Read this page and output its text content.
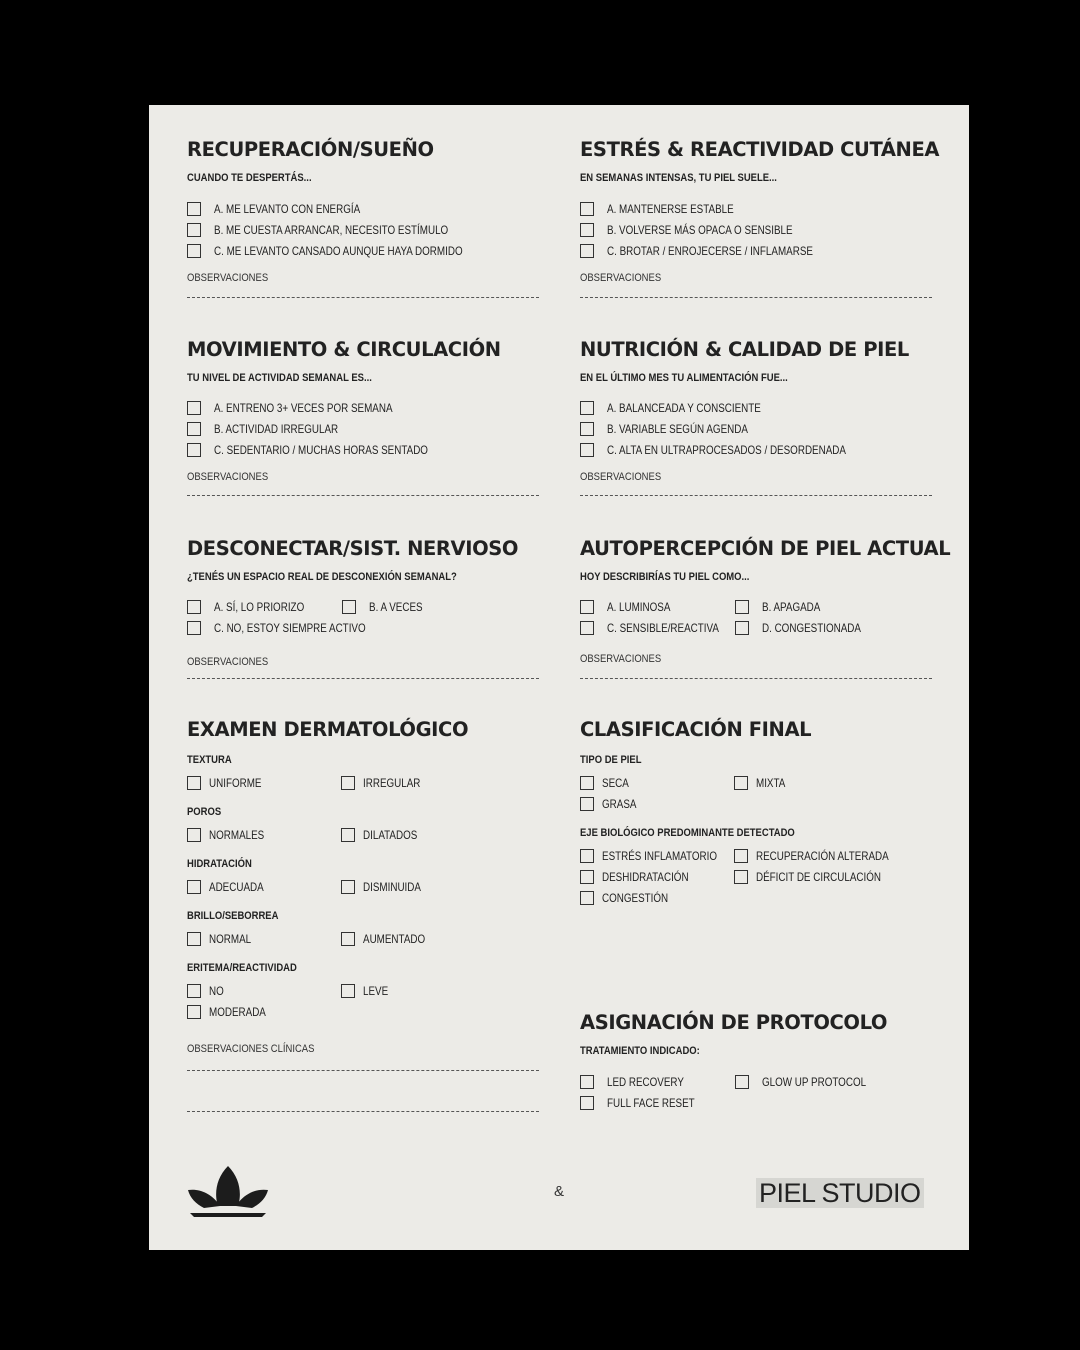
RECUPERACIÓN/SUEÑO
CUANDO TE DESPERTÁS...
A. ME LEVANTO CON ENERGÍA
B. ME CUESTA ARRANCAR, NECESITO ESTÍMULO
C. ME LEVANTO CANSADO AUNQUE HAYA DORMIDO
OBSERVACIONES
ESTRÉS & REACTIVIDAD CUTÁNEA
EN SEMANAS INTENSAS, TU PIEL SUELE...
A. MANTENERSE ESTABLE
B. VOLVERSE MÁS OPACA O SENSIBLE
C. BROTAR / ENROJECERSE / INFLAMARSE
OBSERVACIONES
MOVIMIENTO & CIRCULACIÓN
TU NIVEL DE ACTIVIDAD SEMANAL ES...
A. ENTRENO 3+ VECES POR SEMANA
B. ACTIVIDAD IRREGULAR
C. SEDENTARIO / MUCHAS HORAS SENTADO
OBSERVACIONES
NUTRICIÓN & CALIDAD DE PIEL
EN EL ÚLTIMO MES TU ALIMENTACIÓN FUE...
A. BALANCEADA Y CONSCIENTE
B. VARIABLE SEGÚN AGENDA
C. ALTA EN ULTRAPROCESADOS / DESORDENADA
OBSERVACIONES
DESCONECTAR/SIST. NERVIOSO
¿TENÉS UN ESPACIO REAL DE DESCONEXIÓN SEMANAL?
A. SÍ, LO PRIORIZO	B. A VECES
C. NO, ESTOY SIEMPRE ACTIVO
OBSERVACIONES
AUTOPERCEPCIÓN DE PIEL ACTUAL
HOY DESCRIBIRÍAS TU PIEL COMO...
A. LUMINOSA	B. APAGADA
C. SENSIBLE/REACTIVA	D. CONGESTIONADA
OBSERVACIONES
EXAMEN DERMATOLÓGICO
TEXTURA
UNIFORME	IRREGULAR
POROS
NORMALES	DILATADOS
HIDRATACIÓN
ADECUADA	DISMINUIDA
BRILLO/SEBORREA
NORMAL	AUMENTADO
ERITEMA/REACTIVIDAD
NO	LEVE
MODERADA
OBSERVACIONES CLÍNICAS
CLASIFICACIÓN FINAL
TIPO DE PIEL
SECA	MIXTA
GRASA
EJE BIOLÓGICO PREDOMINANTE DETECTADO
ESTRÉS INFLAMATORIO	RECUPERACIÓN ALTERADA
DESHIDRATACIÓN	DÉFICIT DE CIRCULACIÓN
CONGESTIÓN
ASIGNACIÓN DE PROTOCOLO
TRATAMIENTO INDICADO:
LED RECOVERY	GLOW UP PROTOCOL
FULL FACE RESET
&	PIEL STUDIO
